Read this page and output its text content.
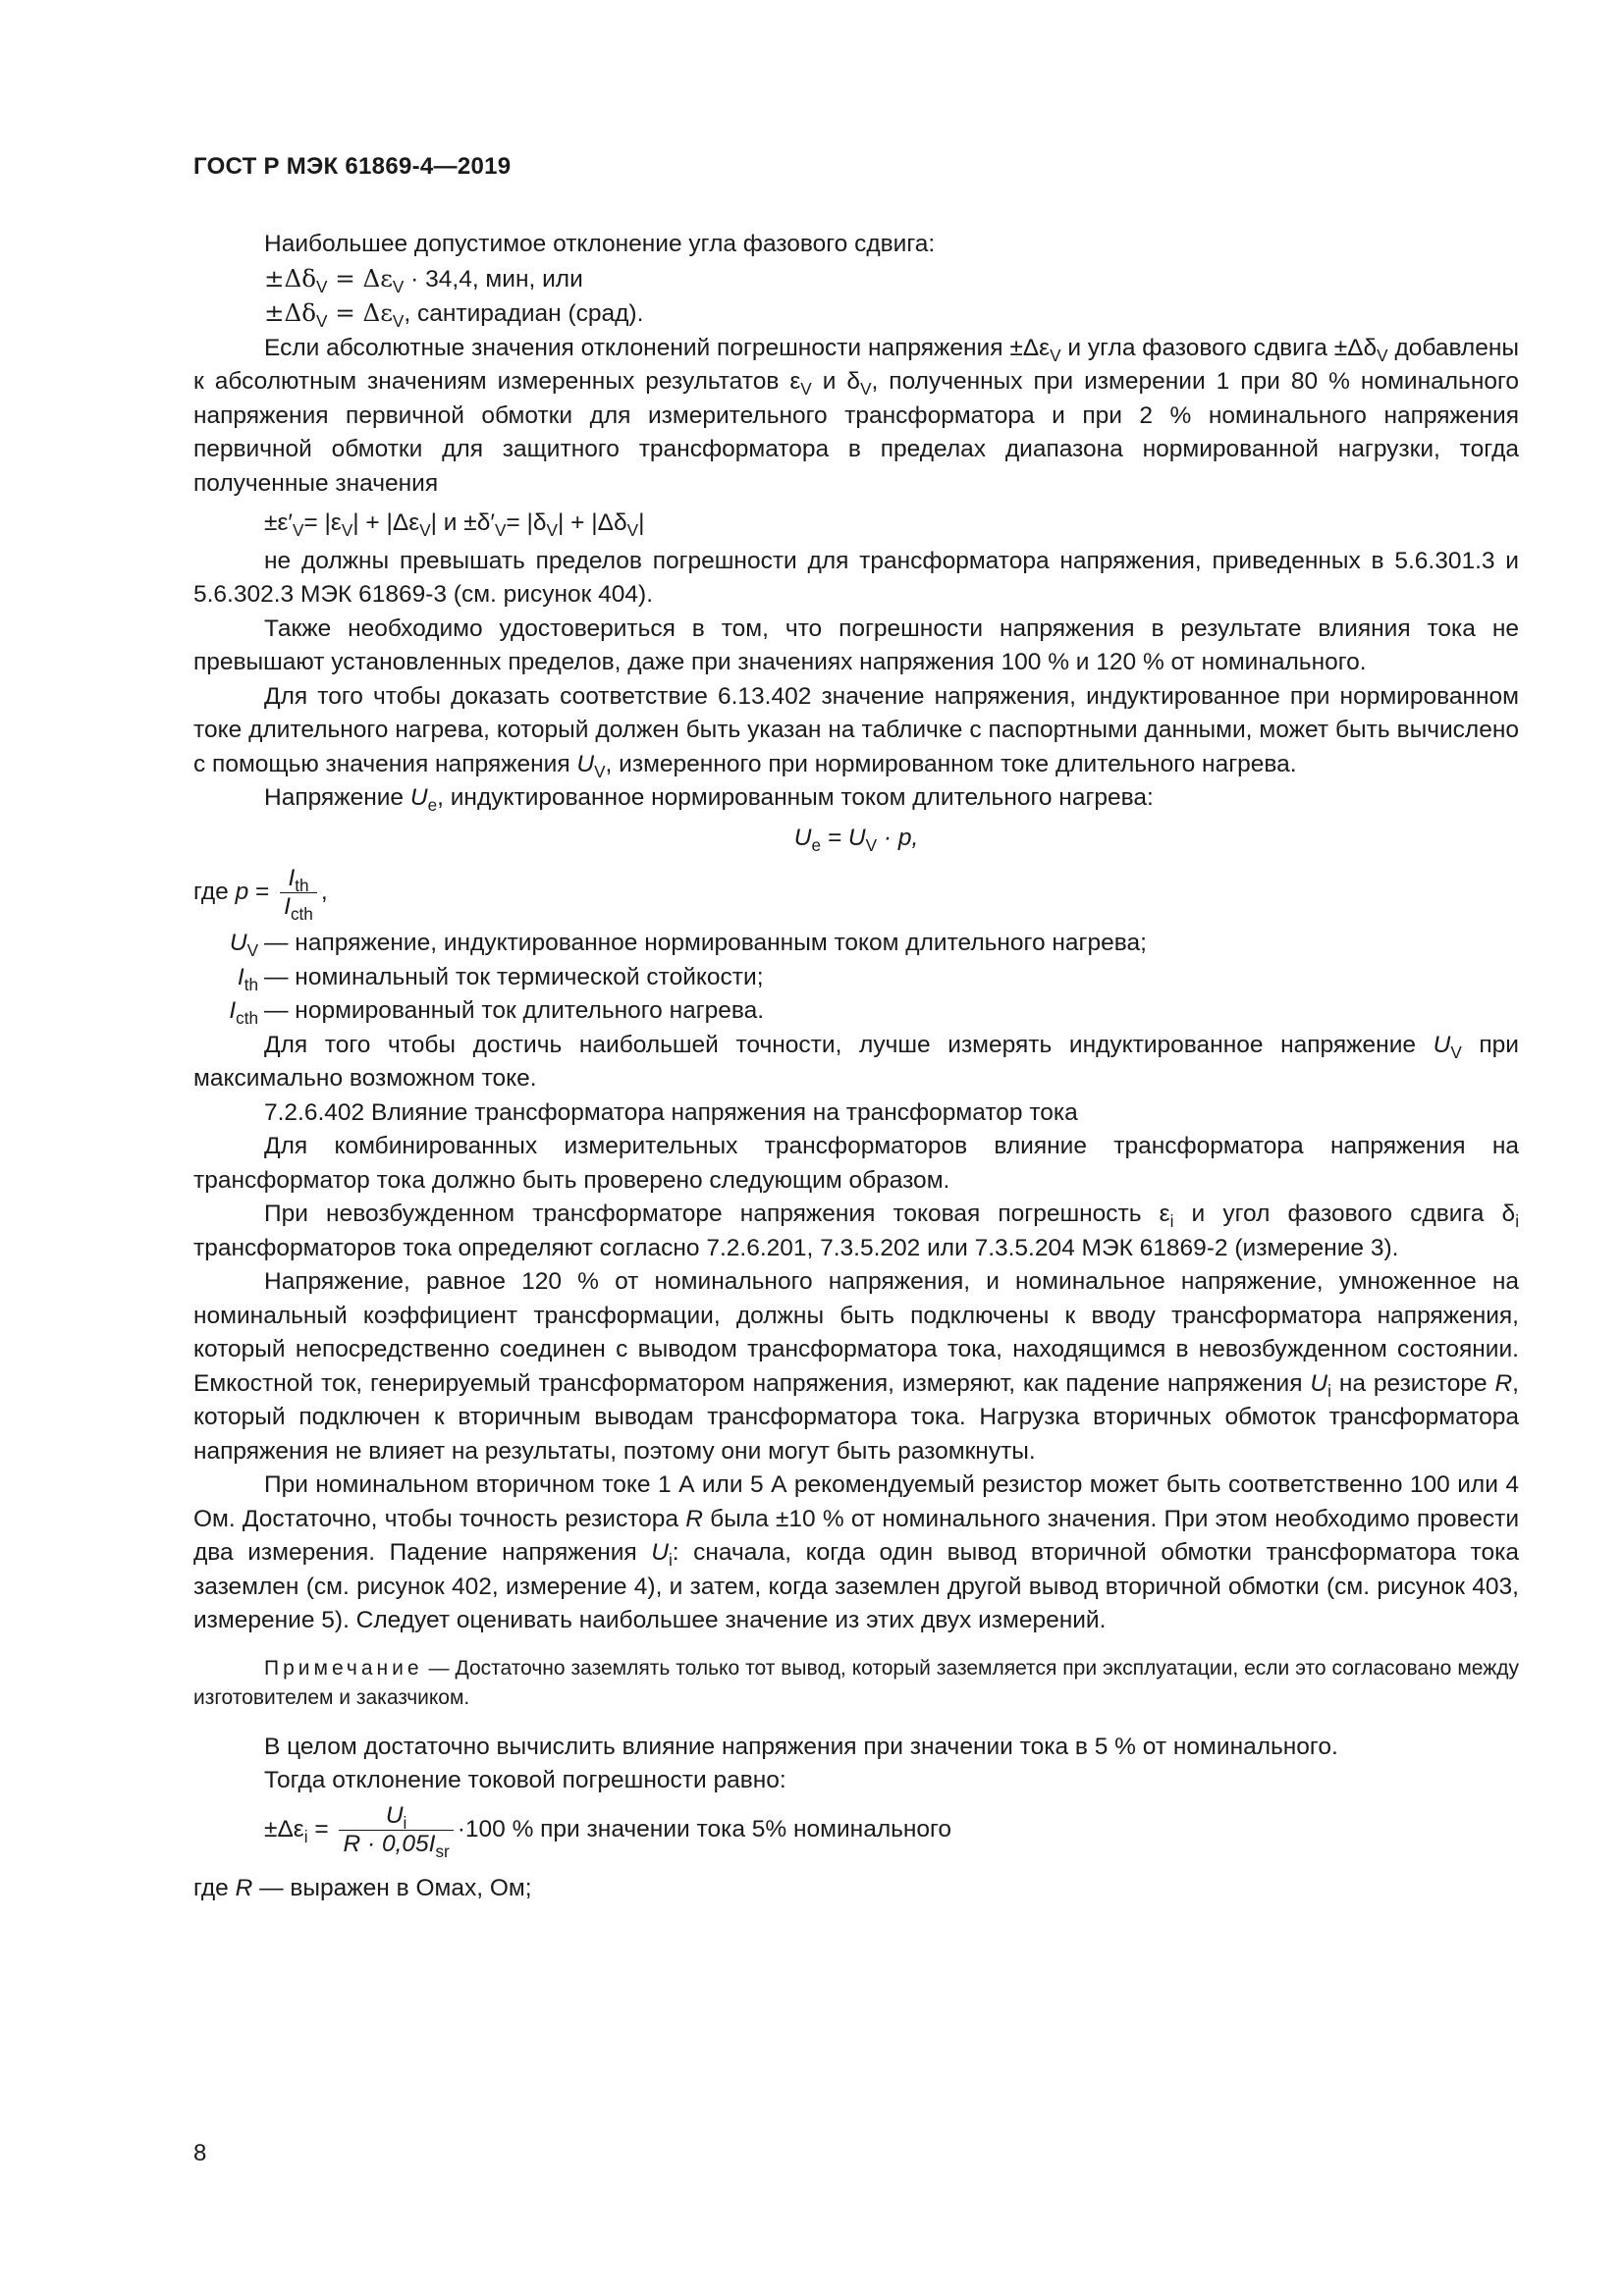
ГОСТ Р МЭК 61869-4—2019

Наибольшее допустимое отклонение угла фазового сдвига:

$\pm\Delta\delta_V = \Delta\varepsilon_V \cdot 34,4$, мин, или

$\pm\Delta\delta_V = \Delta\varepsilon_V$, сантирадиан (срад).

Если абсолютные значения отклонений погрешности напряжения $\pm\Delta\varepsilon_V$ и угла фазового сдвига $\pm\Delta\delta_V$ добавлены к абсолютным значениям измеренных результатов $\varepsilon_V$ и $\delta_V$, полученных при измерении 1 при 80 % номинального напряжения первичной обмотки для измерительного трансформатора и при 2 % номинального напряжения первичной обмотки для защитного трансформатора в пределах диапазона нормированной нагрузки, тогда полученные значения

$\pm\varepsilon'_V= |\varepsilon_V| + |\Delta\varepsilon_V|$ $и \pm\delta'_V= |\delta_V| + |\Delta\delta_V|$

не должны превышать пределов погрешности для трансформатора напряжения, приведенных в 5.6.301.3 и 5.6.302.3 МЭК 61869-3 (см. рисунок 404).

Также необходимо удостовериться в том, что погрешности напряжения в результате влияния тока не превышают установленных пределов, даже при значениях напряжения 100 % и 120 % от номинального.

Для того чтобы доказать соответствие 6.13.402 значение напряжения, индуктированное при нормированном токе длительного нагрева, который должен быть указан на табличке с паспортными данными, может быть вычислено с помощью значения напряжения $U_V$, измеренного при нормированном токе длительного нагрева.

Напряжение $U_e$, индуктированное нормированным током длительного нагрева:

$U_e = U_V \cdot p$,

где $p = \frac{I_{th}}{I_{cth}}$ ,
$U_V$ — напряжение, индуктированное нормированным током длительного нагрева;
$I_{th}$ — номинальный ток термической стойкости;
$I_{cth}$ — нормированный ток длительного нагрева.

Для того чтобы достичь наибольшей точности, лучше измерять индуктированное напряжение $U_V$ при максимально возможном токе.

7.2.6.402 Влияние трансформатора напряжения на трансформатор тока

Для комбинированных измерительных трансформаторов влияние трансформатора напряжения на трансформатор тока должно быть проверено следующим образом.

При невозбужденном трансформаторе напряжения токовая погрешность $\varepsilon_i$ и угол фазового сдвига $\delta_i$ трансформаторов тока определяют согласно 7.2.6.201, 7.3.5.202 или 7.3.5.204 МЭК 61869-2 (измерение 3).

Напряжение, равное 120 % от номинального напряжения, и номинальное напряжение, умноженное на номинальный коэффициент трансформации, должны быть подключены к вводу трансформатора напряжения, который непосредственно соединен с выводом трансформатора тока, находящимся в невозбужденном состоянии. Емкостной ток, генерируемый трансформатором напряжения, измеряют, как падение напряжения $U_i$ на резисторе R, который подключен к вторичным выводам трансформатора тока. Нагрузка вторичных обмоток трансформатора напряжения не влияет на результаты, поэтому они могут быть разомкнуты.

При номинальном вторичном токе 1 А или 5 А рекомендуемый резистор может быть соответственно 100 или 4 Ом. Достаточно, чтобы точность резистора R была ±10 % от номинального значения. При этом необходимо провести два измерения. Падение напряжения $U_i$: сначала, когда один вывод вторичной обмотки трансформатора тока заземлен (см. рисунок 402, измерение 4), и затем, когда заземлен другой вывод вторичной обмотки (см. рисунок 403, измерение 5). Следует оценивать наибольшее значение из этих двух измерений.

Примечание — Достаточно заземлять только тот вывод, который заземляется при эксплуатации, если это согласовано между изготовителем и заказчиком.

В целом достаточно вычислить влияние напряжения при значении тока в 5 % от номинального.

Тогда отклонение токовой погрешности равно:

$\pm\Delta\varepsilon_i = \frac{U_i}{R \cdot 0,05I_{sr}} \cdot 100$ % при значении тока 5% номинального

где R — выражен в Омах, Ом;

8
